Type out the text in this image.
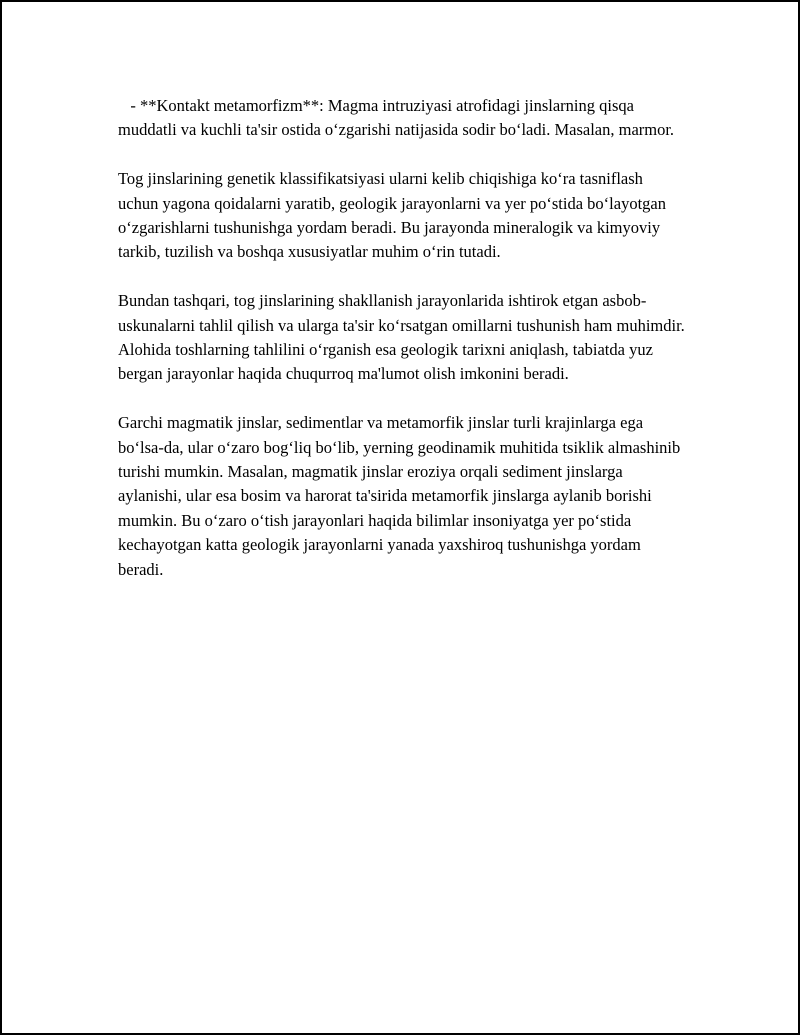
- **Kontakt metamorfizm**: Magma intruziyasi atrofidagi jinslarning qisqa muddatli va kuchli ta'sir ostida o‘zgarishi natijasida sodir bo‘ladi. Masalan, marmor.

Tog jinslarining genetik klassifikatsiyasi ularni kelib chiqishiga ko‘ra tasniflash uchun yagona qoidalarni yaratib, geologik jarayonlarni va yer po‘stida bo‘layotgan o‘zgarishlarni tushunishga yordam beradi. Bu jarayonda mineralogik va kimyoviy tarkib, tuzilish va boshqa xususiyatlar muhim o‘rin tutadi.

Bundan tashqari, tog jinslarining shakllanish jarayonlarida ishtirok etgan asbob-uskunalarni tahlil qilish va ularga ta'sir ko‘rsatgan omillarni tushunish ham muhimdir. Alohida toshlarning tahlilini o‘rganish esa geologik tarixni aniqlash, tabiatda yuz bergan jarayonlar haqida chuqurroq ma'lumot olish imkonini beradi.

Garchi magmatik jinslar, sedimentlar va metamorfik jinslar turli krajinlarga ega bo‘lsa-da, ular o‘zaro bog‘liq bo‘lib, yerning geodinamik muhitida tsiklik almashinib turishi mumkin. Masalan, magmatik jinslar eroziya orqali sediment jinslarga aylanishi, ular esa bosim va harorat ta'sirida metamorfik jinslarga aylanib borishi mumkin. Bu o‘zaro o‘tish jarayonlari haqida bilimlar insoniyatga yer po‘stida kechayotgan katta geologik jarayonlarni yanada yaxshiroq tushunishga yordam beradi.
